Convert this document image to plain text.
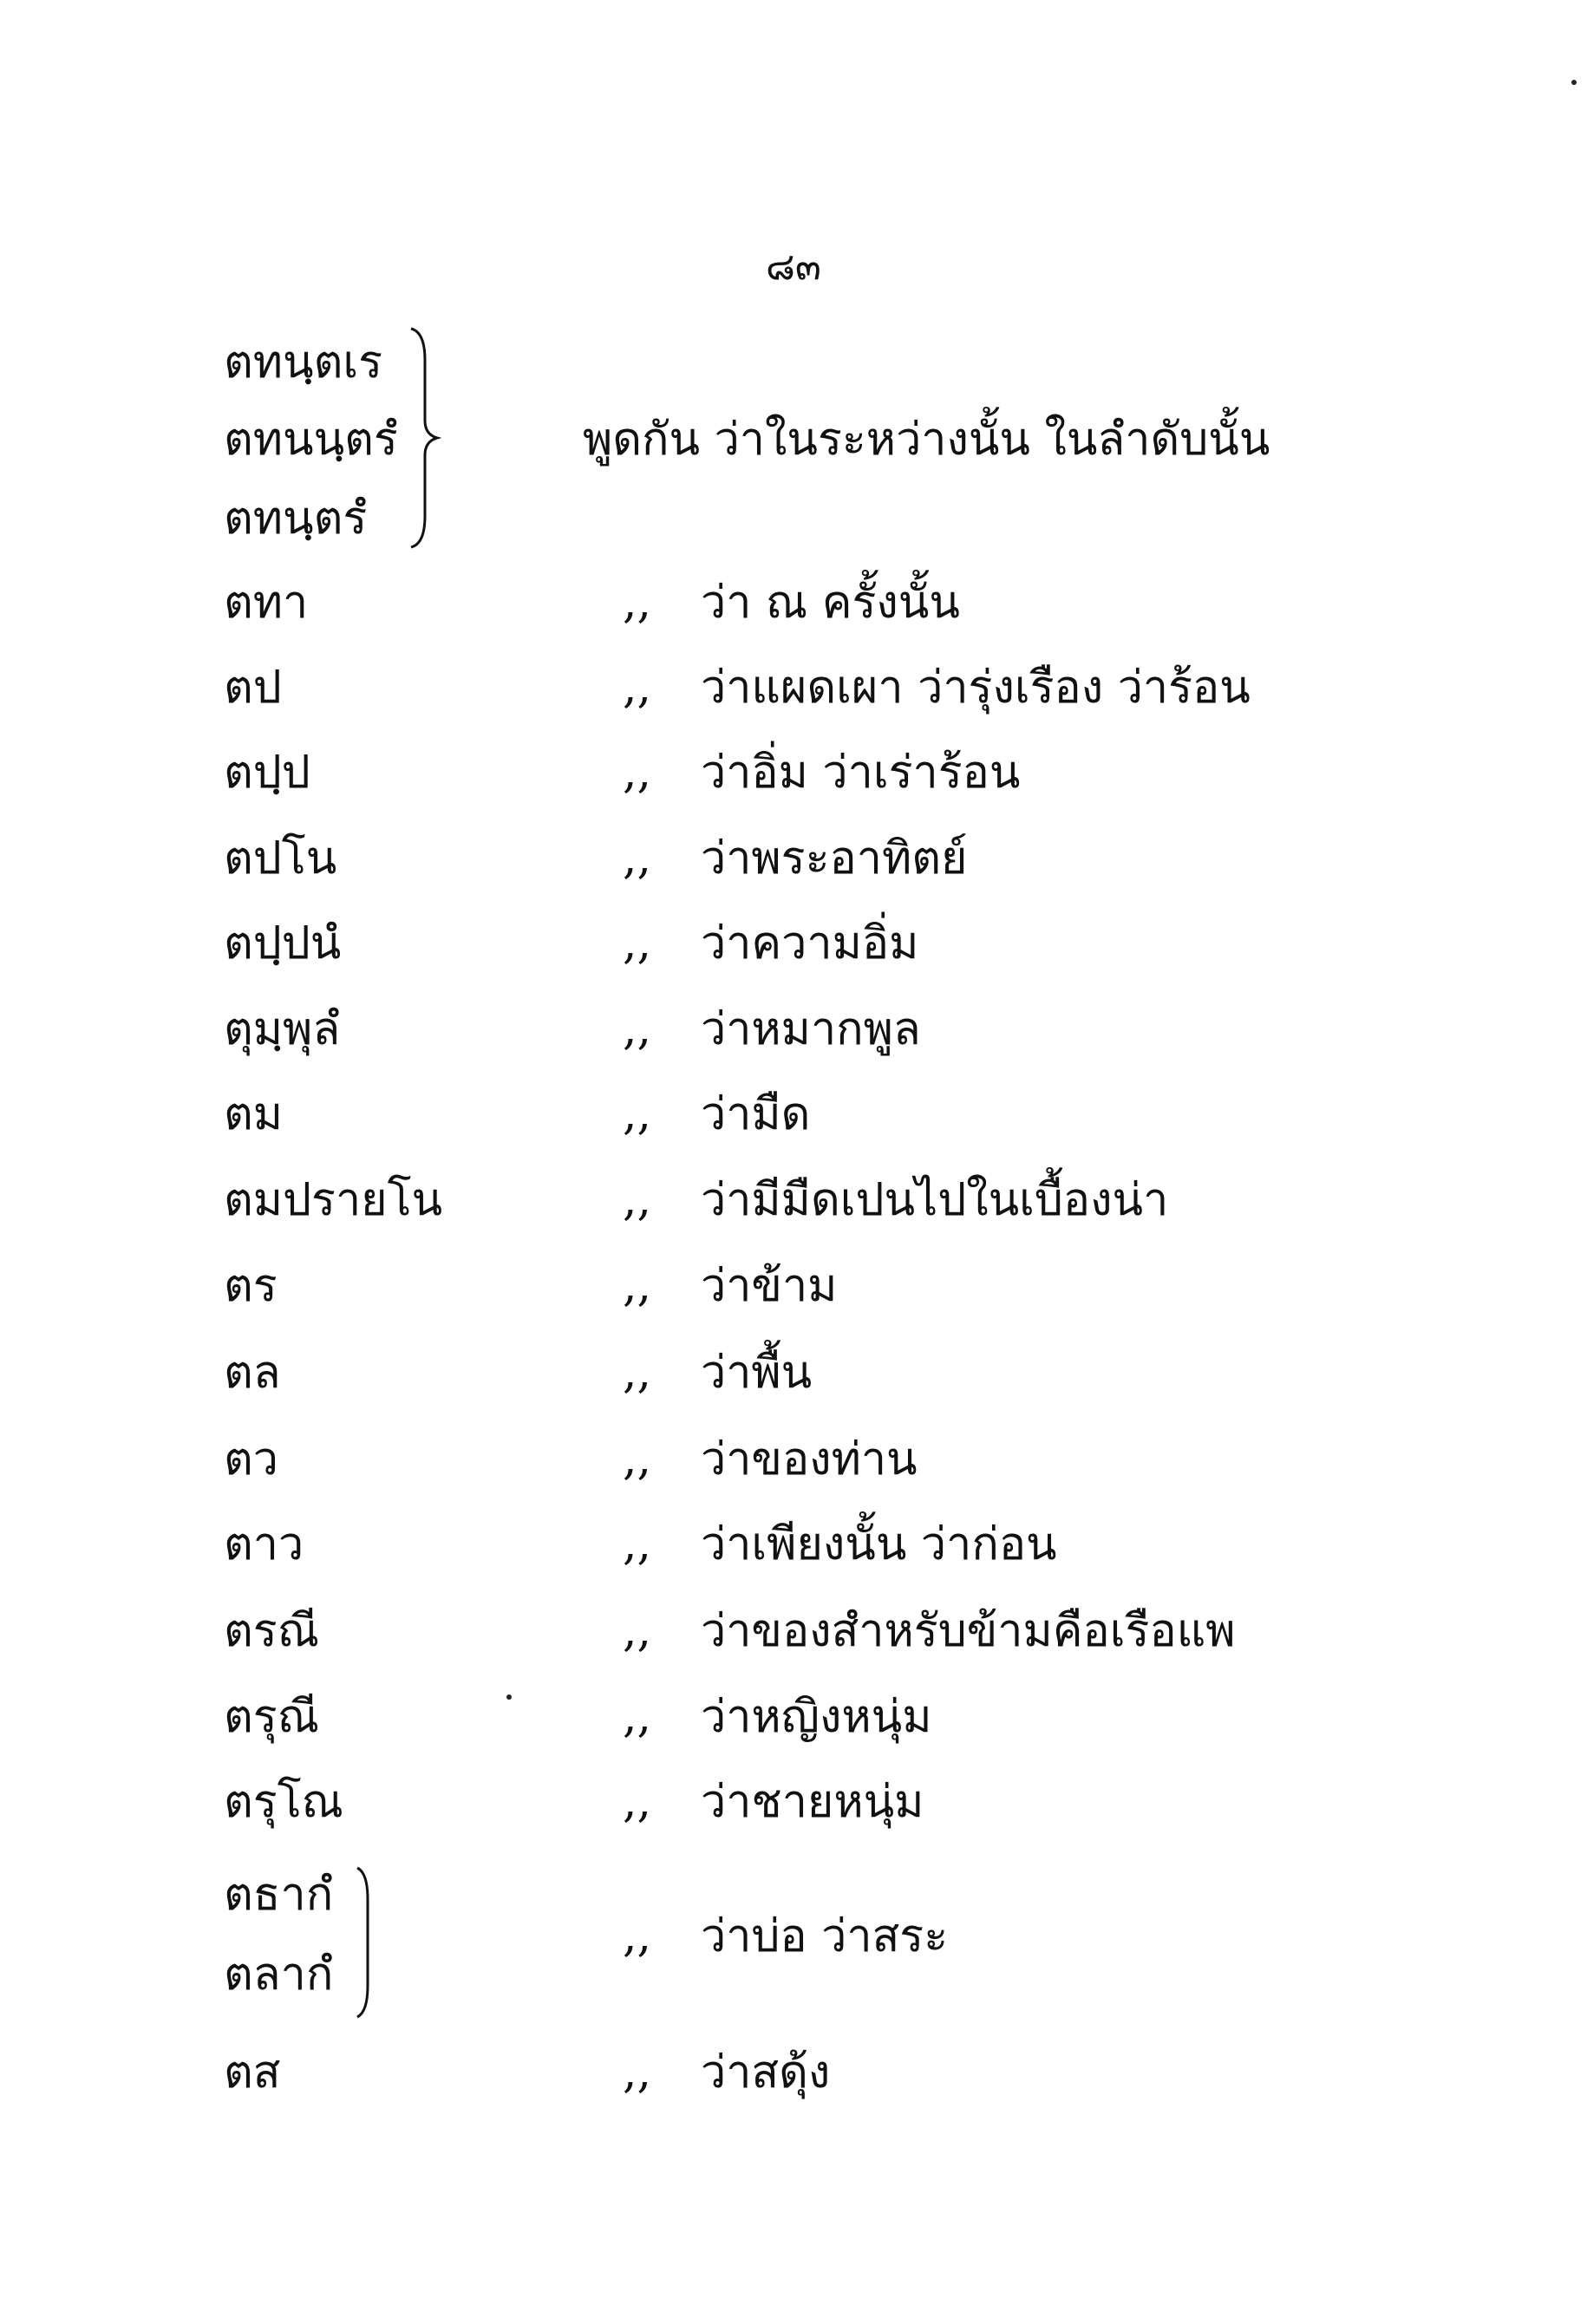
๘๓
ตทนฺตเร
ตทนนฺตรํ	พูดกัน ว่าในระหว่างนั้น ในลำดับนั้น
ตทนฺตรํ
ตทา	,, ว่า ณ ครั้งนั้น
ตป	,, ว่าแผดเผา ว่ารุ่งเรือง ว่าร้อน
ตปฺป	,, ว่าอิ่ม ว่าเร่าร้อน
ตปโน	,, ว่าพระอาทิตย์
ตปฺปนํ	,, ว่าความอิ่ม
ตุมฺพุลํ	,, ว่าหมากพูล
ตม	,, ว่ามืด
ตมปรายโน	,, ว่ามีมืดเปนไปในเบื้องน่า
ตร	,, ว่าข้าม
ตล	,, ว่าพื้น
ตว	,, ว่าของท่าน
ตาว	,, ว่าเพียงนั้น ว่าก่อน
ตรณี	,, ว่าของสำหรับข้ามคือเรือแพ
ตรุณี	,, ว่าหญิงหนุ่ม
ตรุโณ	,, ว่าชายหนุ่ม
ตธากํ
ตลากํ
,, ว่าบ่อ ว่าสระ
ตส	,, ว่าสดุ้ง
